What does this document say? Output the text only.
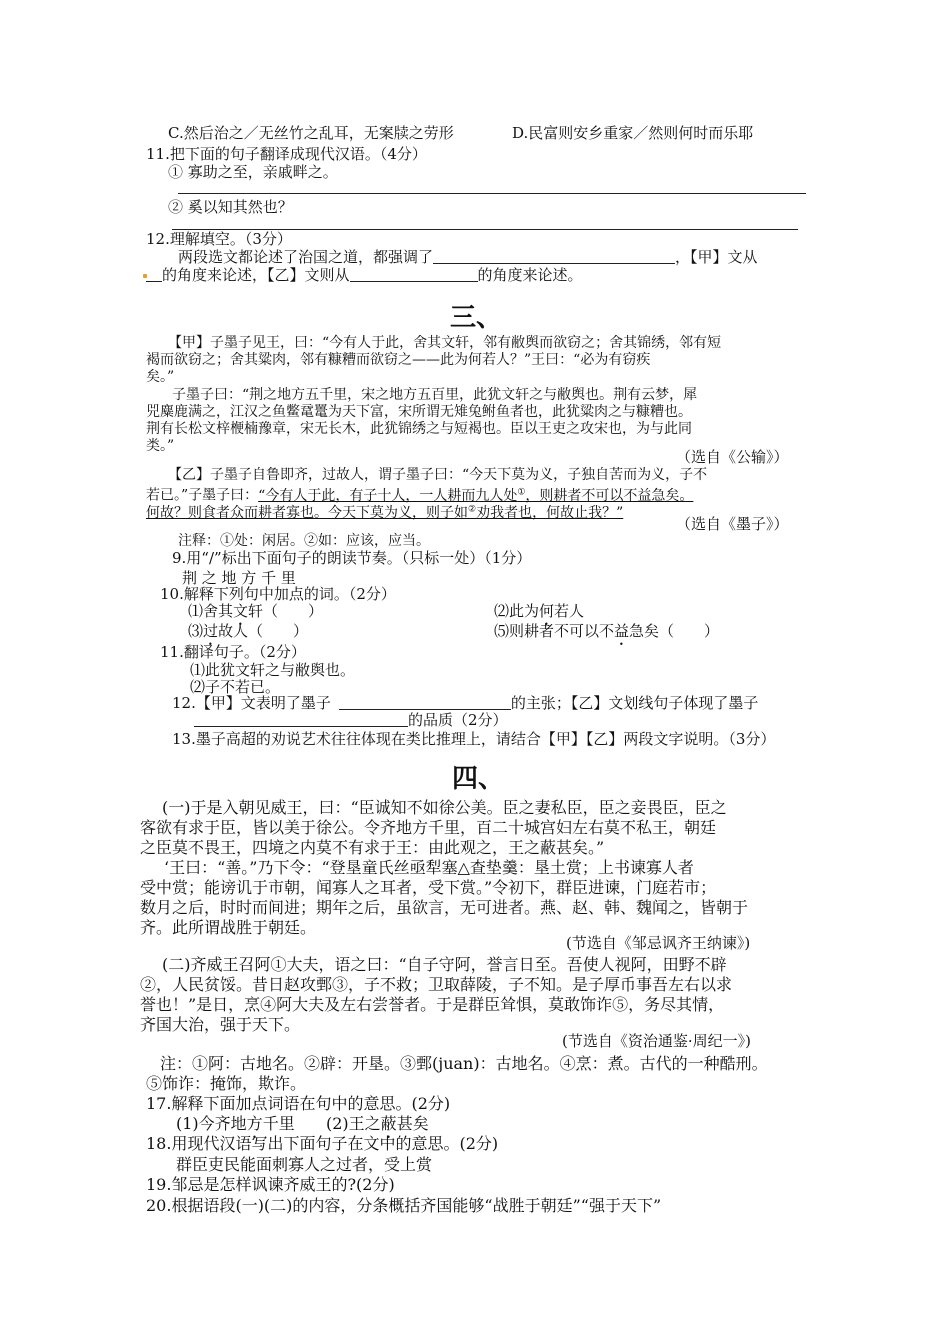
C.然后治之／无丝竹之乱耳，无案牍之劳形	D.民富则安乡重家／然则何时而乐耶
11.把下面的句子翻译成现代汉语。（4分）
① 寡助之至，亲戚畔之。
② 奚以知其然也？
12.理解填空。（3分）
两段选文都论述了治国之道，都强调了	，【甲】文从
的角度来论述，【乙】文则从	的角度来论述。
三、
【甲】子墨子见王，曰：“今有人于此，舍其文轩，邻有敝舆而欲窃之；舍其锦绣，邻有短
褐而欲窃之；舍其粱肉，邻有糠糟而欲窃之——此为何若人？”王曰：“必为有窃疾
矣。”
子墨子曰：“荆之地方五千里，宋之地方五百里，此犹文轩之与敝舆也。荆有云梦，犀
兕麋鹿满之，江汉之鱼鳖鼋鼍为天下富，宋所谓无雉兔鲋鱼者也，此犹粱肉之与糠糟也。
荆有长松文梓楩楠豫章，宋无长木，此犹锦绣之与短褐也。臣以王吏之攻宋也，为与此同
类。”
（选自《公输》）
【乙】子墨子自鲁即齐，过故人，谓子墨子曰：“今天下莫为义，子独自苦而为义，子不
若已。”子墨子曰：“今有人于此，有子十人，一人耕而九人处①，则耕者不可以不益急矣。
何故？则食者众而耕者寡也。今天下莫为义，则子如②劝我者也，何故止我？”
（选自《墨子》）
注释：①处：闲居。②如：应该，应当。
9.用“/”标出下面句子的朗读节奏。（只标一处）（1分）
荆 之 地 方 千 里
10.解释下列句中加点的词。（2分）
⑴舍其文轩（　　）	⑵此为何若人
⑶过故人（　　）	⑸则耕者不可以不益急矣（　　）
11.翻译句子。（2分）
⑴此犹文轩之与敝舆也。
⑵子不若已。
12.【甲】文表明了墨子	的主张；【乙】文划线句子体现了墨子
的品质（2分）
13.墨子高超的劝说艺术往往体现在类比推理上，请结合【甲】【乙】两段文字说明。（3分）
四、
(一)于是入朝见威王，曰：“臣诚知不如徐公美。臣之妻私臣，臣之妾畏臣，臣之
客欲有求于臣，皆以美于徐公。令齐地方千里，百二十城宫妇左右莫不私王，朝廷
之臣莫不畏王，四境之内莫不有求于王：由此观之，王之蔽甚矣。”
‘王曰：“善。”乃下令：“登垦童氏丝亟犁塞△查垫羹：垦土赏；上书谏寡人者
受中赏；能谤讥于市朝，闻寡人之耳者，受下赏。”令初下，群臣进谏，门庭若市；
数月之后，时时而间进；期年之后，虽欲言，无可进者。燕、赵、韩、魏闻之，皆朝于
齐。此所谓战胜于朝廷。
(节选自《邹忌讽齐王纳谏》)
(二)齐威王召阿①大夫，语之曰：“自子守阿，誉言日至。吾使人视阿，田野不辟
②，人民贫馁。昔日赵攻鄄③，子不救；卫取薛陵，子不知。是子厚币事吾左右以求
誉也！”是日，烹④阿大夫及左右尝誉者。于是群臣耸惧，莫敢饰诈⑤，务尽其情，
齐国大治，强于天下。
(节选自《资治通鉴·周纪一》)
注：①阿：古地名。②辟：开垦。③鄄(juan)：古地名。④烹：煮。古代的一种酷刑。
⑤饰诈：掩饰，欺诈。
17.解释下面加点词语在句中的意思。(2分)
(1)今齐地方千里 (2)王之蔽甚矣
18.用现代汉语写出下面句子在文中的意思。(2分)
群臣吏民能面刺寡人之过者，受上赏
19.邹忌是怎样讽谏齐威王的?(2分)
20.根据语段(一)(二)的内容，分条概括齐国能够“战胜于朝廷”“强于天下”
